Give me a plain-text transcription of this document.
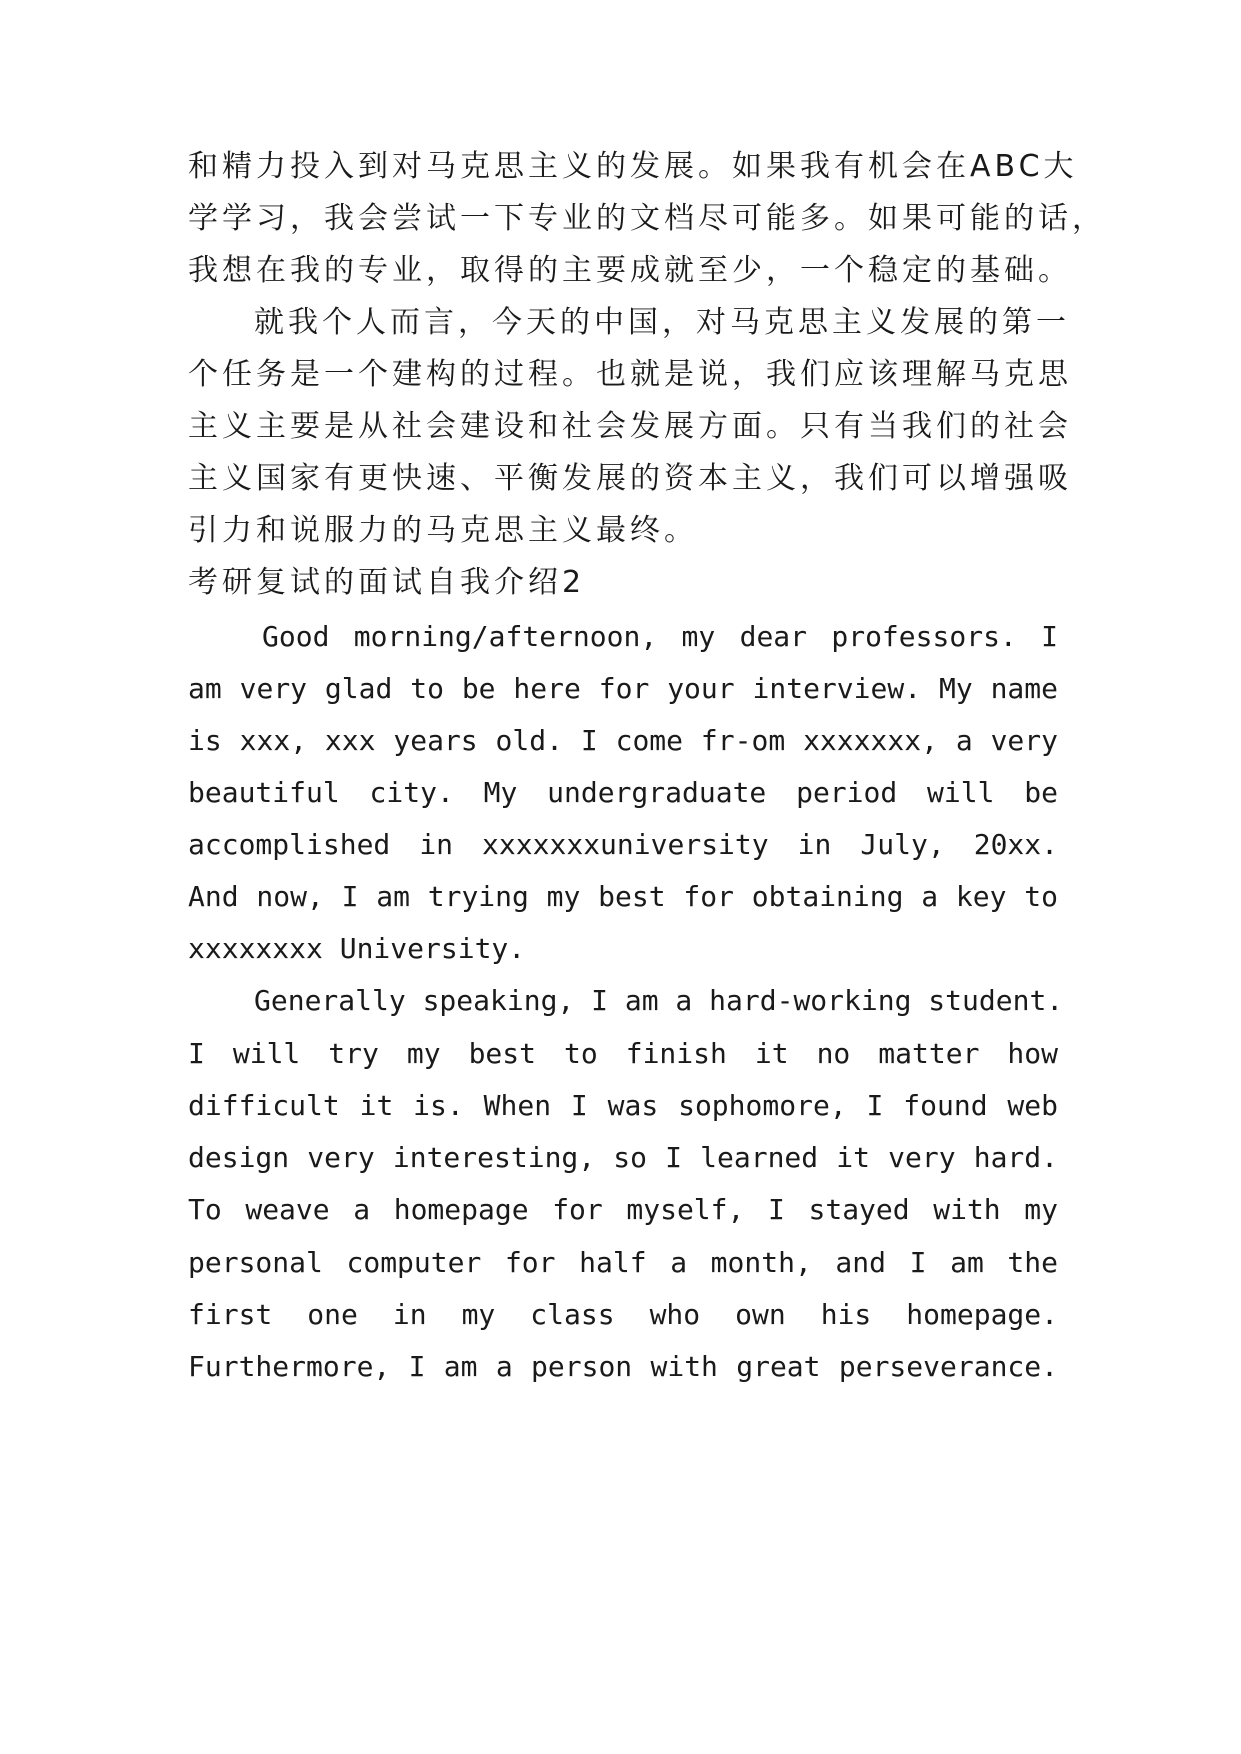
和精力投入到对马克思主义的发展。如果我有机会在ABC大
学学习，我会尝试一下专业的文档尽可能多。如果可能的话，
我想在我的专业，取得的主要成就至少，一个稳定的基础。
就我个人而言，今天的中国，对马克思主义发展的第一
个任务是一个建构的过程。也就是说，我们应该理解马克思
主义主要是从社会建设和社会发展方面。只有当我们的社会
主义国家有更快速、平衡发展的资本主义，我们可以增强吸
引力和说服力的马克思主义最终。
考研复试的面试自我介绍2
Good morning/afternoon, my dear professors. I
am very glad to be here for your interview. My name
is xxx, xxx years old. I come fr-om xxxxxxx, a very
beautiful city. My undergraduate period will be
accomplished in xxxxxxxuniversity in July, 20xx.
And now, I am trying my best for obtaining a key to
xxxxxxxx University.
Generally speaking, I am a hard-working student.
I will try my best to finish it no matter how
difficult it is. When I was sophomore, I found web
design very interesting, so I learned it very hard.
To weave a homepage for myself, I stayed with my
personal computer for half a month, and I am the
first one in my class who own his homepage.
Furthermore, I am a person with great perseverance.
